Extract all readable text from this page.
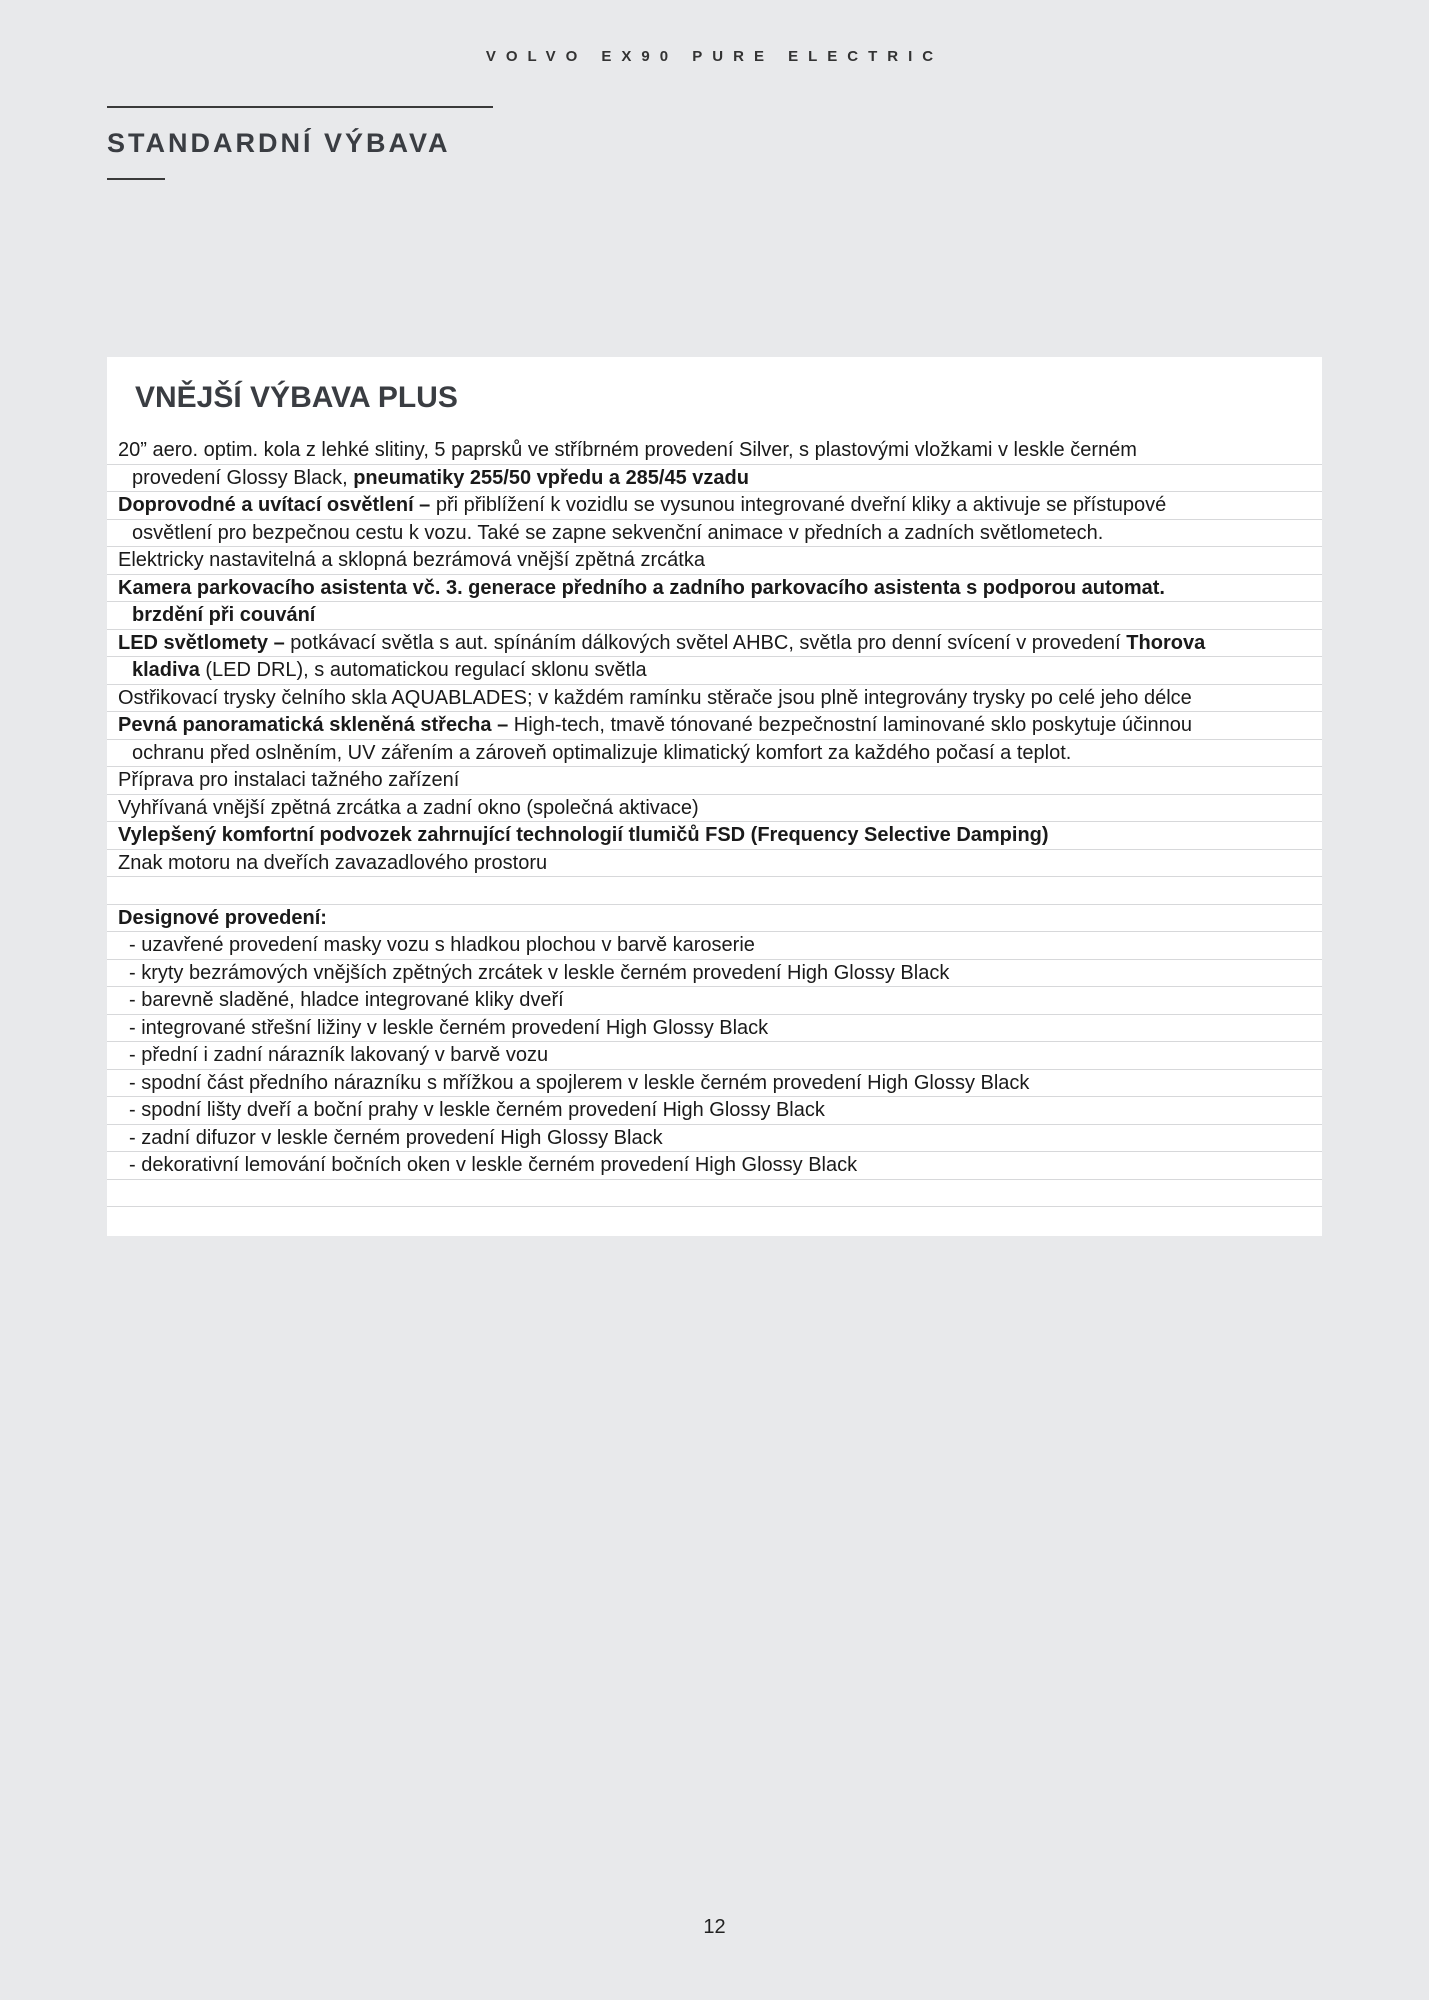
VOLVO EX90 PURE ELECTRIC
STANDARDNÍ VÝBAVA
VNĚJŠÍ VÝBAVA PLUS
20” aero. optim. kola z lehké slitiny, 5 paprsků ve stříbrném provedení Silver, s plastovými vložkami v leskle černém
provedení Glossy Black, pneumatiky 255/50 vpředu a 285/45 vzadu
Doprovodné a uvítací osvětlení – při přiblížení k vozidlu se vysunou integrované dveřní kliky a aktivuje se přístupové
osvětlení pro bezpečnou cestu k vozu. Také se zapne sekvenční animace v předních a zadních světlometech.
Elektricky nastavitelná a sklopná bezrámová vnější zpětná zrcátka
Kamera parkovacího asistenta vč. 3. generace předního a zadního parkovacího asistenta s podporou automat.
brzdění při couvání
LED světlomety – potkávací světla s aut. spínáním dálkových světel AHBC, světla pro denní svícení v provedení Thorova
kladiva (LED DRL), s automatickou regulací sklonu světla
Ostřikovací trysky čelního skla AQUABLADES; v každém ramínku stěrače jsou plně integrovány trysky po celé jeho délce
Pevná panoramatická skleněná střecha – High-tech, tmavě tónované bezpečnostní laminované sklo poskytuje účinnou
ochranu před oslněním, UV zářením a zároveň optimalizuje klimatický komfort za každého počasí a teplot.
Příprava pro instalaci tažného zařízení
Vyhřívaná vnější zpětná zrcátka a zadní okno (společná aktivace)
Vylepšený komfortní podvozek zahrnující technologií tlumičů FSD (Frequency Selective Damping)
Znak motoru na dveřích zavazadlového prostoru
Designové provedení:
- uzavřené provedení masky vozu s hladkou plochou v barvě karoserie
- kryty bezrámových vnějších zpětných zrcátek v leskle černém provedení High Glossy Black
- barevně sladěné, hladce integrované kliky dveří
- integrované střešní ližiny v leskle černém provedení High Glossy Black
- přední i zadní nárazník lakovaný v barvě vozu
- spodní část předního nárazníku s mřížkou a spojlerem v leskle černém provedení High Glossy Black
- spodní lišty dveří a boční prahy v leskle černém provedení High Glossy Black
- zadní difuzor v leskle černém provedení High Glossy Black
- dekorativní lemování bočních oken v leskle černém provedení High Glossy Black
12
